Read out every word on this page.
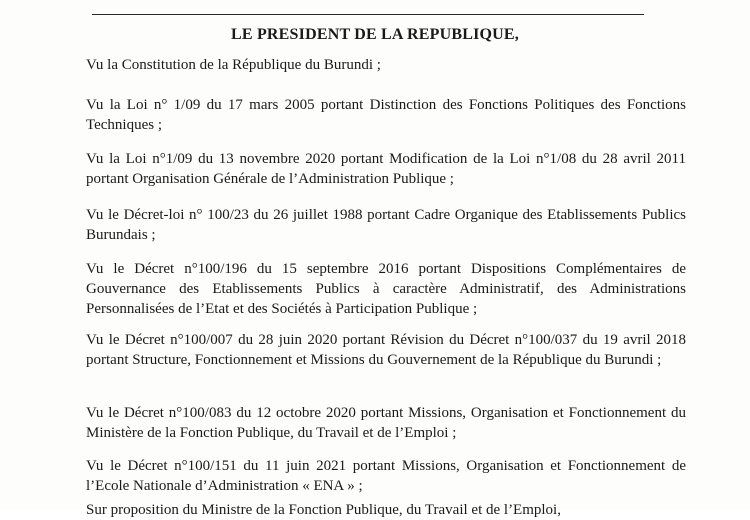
LE PRESIDENT DE LA REPUBLIQUE,
Vu la Constitution de la République du Burundi ;
Vu la Loi n° 1/09 du 17 mars 2005 portant Distinction des Fonctions Politiques des Fonctions Techniques ;
Vu la Loi n°1/09 du 13 novembre 2020 portant Modification de la Loi n°1/08 du 28 avril 2011 portant Organisation Générale de l’Administration Publique ;
Vu le Décret-loi n° 100/23 du 26 juillet 1988 portant Cadre Organique des Etablissements Publics Burundais ;
Vu le Décret n°100/196 du 15 septembre 2016 portant Dispositions Complémentaires de Gouvernance des Etablissements Publics à caractère Administratif, des Administrations Personnalisées de l’Etat et des Sociétés à Participation Publique ;
Vu le Décret n°100/007 du 28 juin 2020 portant Révision du Décret n°100/037 du 19 avril 2018 portant Structure, Fonctionnement et Missions du Gouvernement de la République du Burundi ;
Vu le Décret n°100/083 du 12 octobre 2020 portant Missions, Organisation et Fonctionnement du Ministère de la Fonction Publique, du Travail et de l’Emploi ;
Vu le Décret n°100/151 du 11 juin 2021 portant Missions, Organisation et Fonctionnement de l’Ecole Nationale d’Administration « ENA » ;
Sur proposition du Ministre de la Fonction Publique, du Travail et de l’Emploi,
